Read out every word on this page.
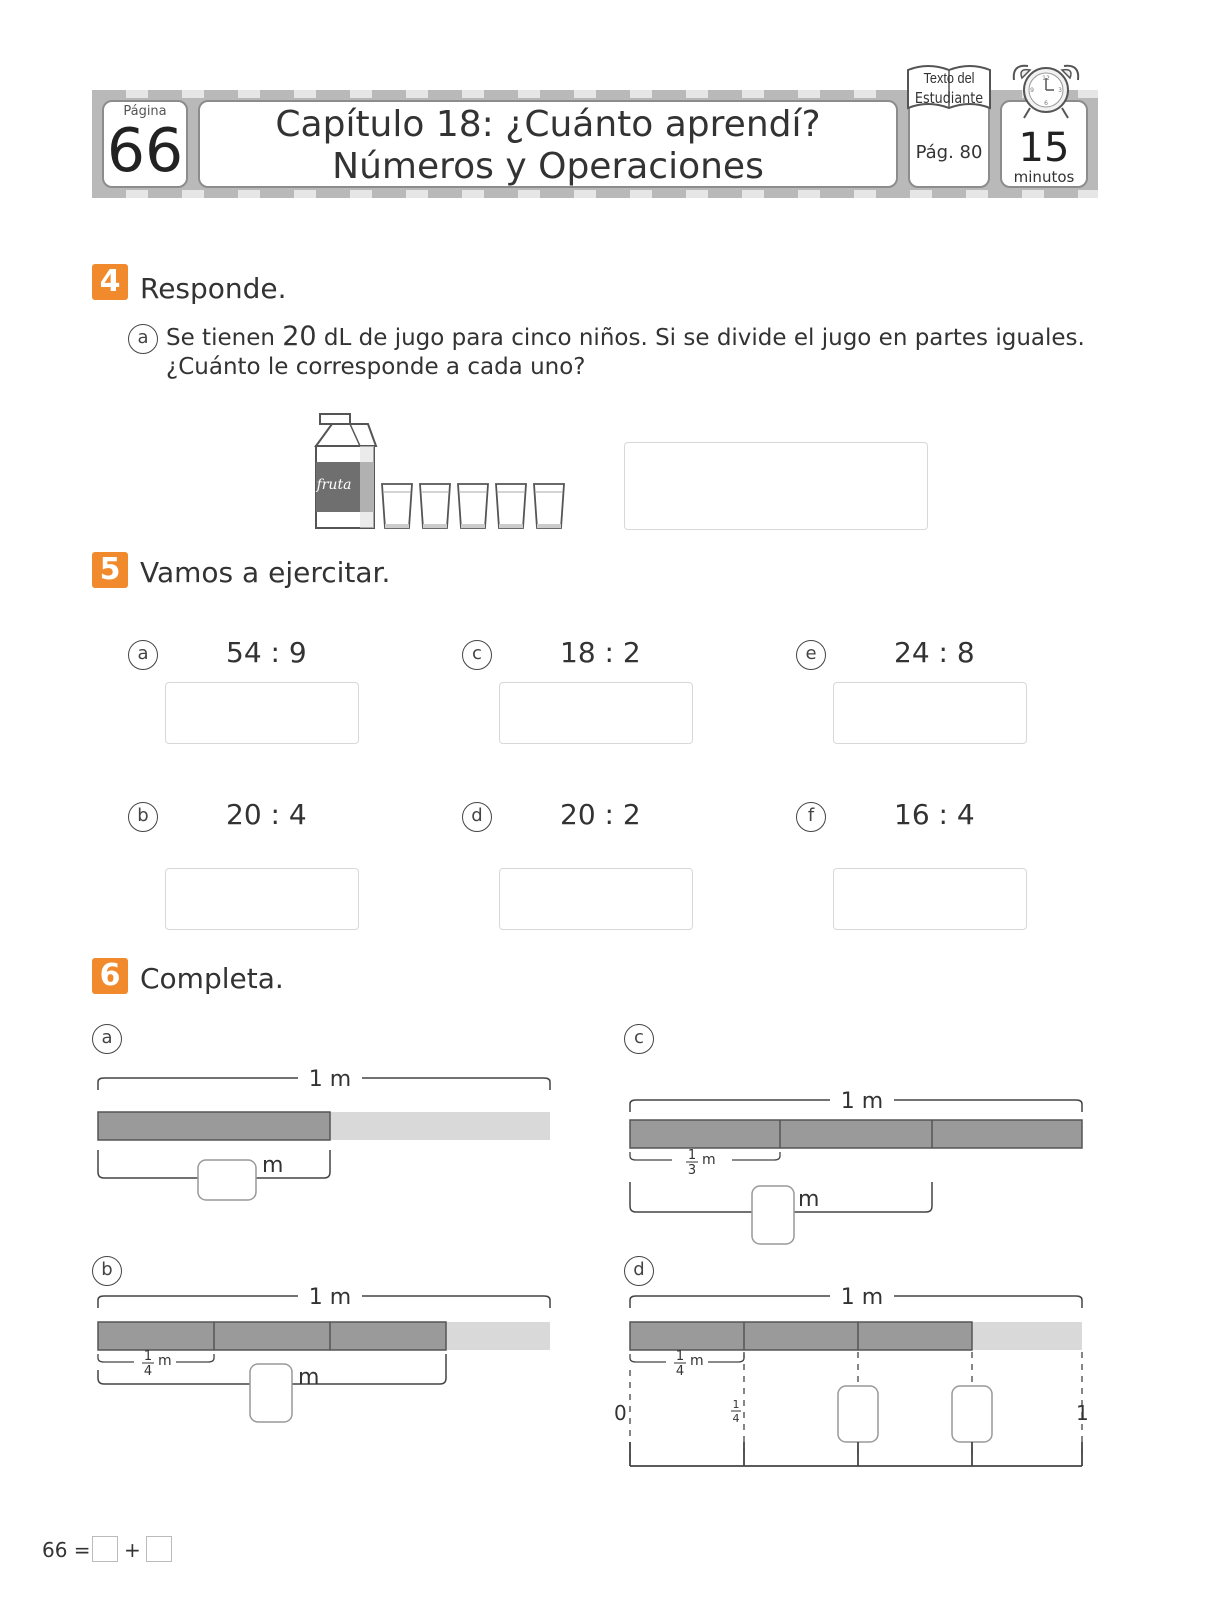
Página
66	Capítulo 18: ¿Cuánto aprendí?
Números y Operaciones
Texto del
Estudiante
Pág. 80
12
3
6
9
15
minutos
4 Responde.
a Se tienen 20 dL de jugo para cinco niños. Si se divide el jugo en partes iguales.
¿Cuánto le corresponde a cada uno?
fruta
5 Vamos a ejercitar.
a	54 : 9	c	18 : 2	e	24 : 8
b	20 : 4	d	20 : 2	f	16 : 4
6 Completa.
a	c
b	d
1 m
m
1 m
1
3
m
m
1 m
1
4
m
m
1 m
1
4
m
0	1
4	1
66 = +
